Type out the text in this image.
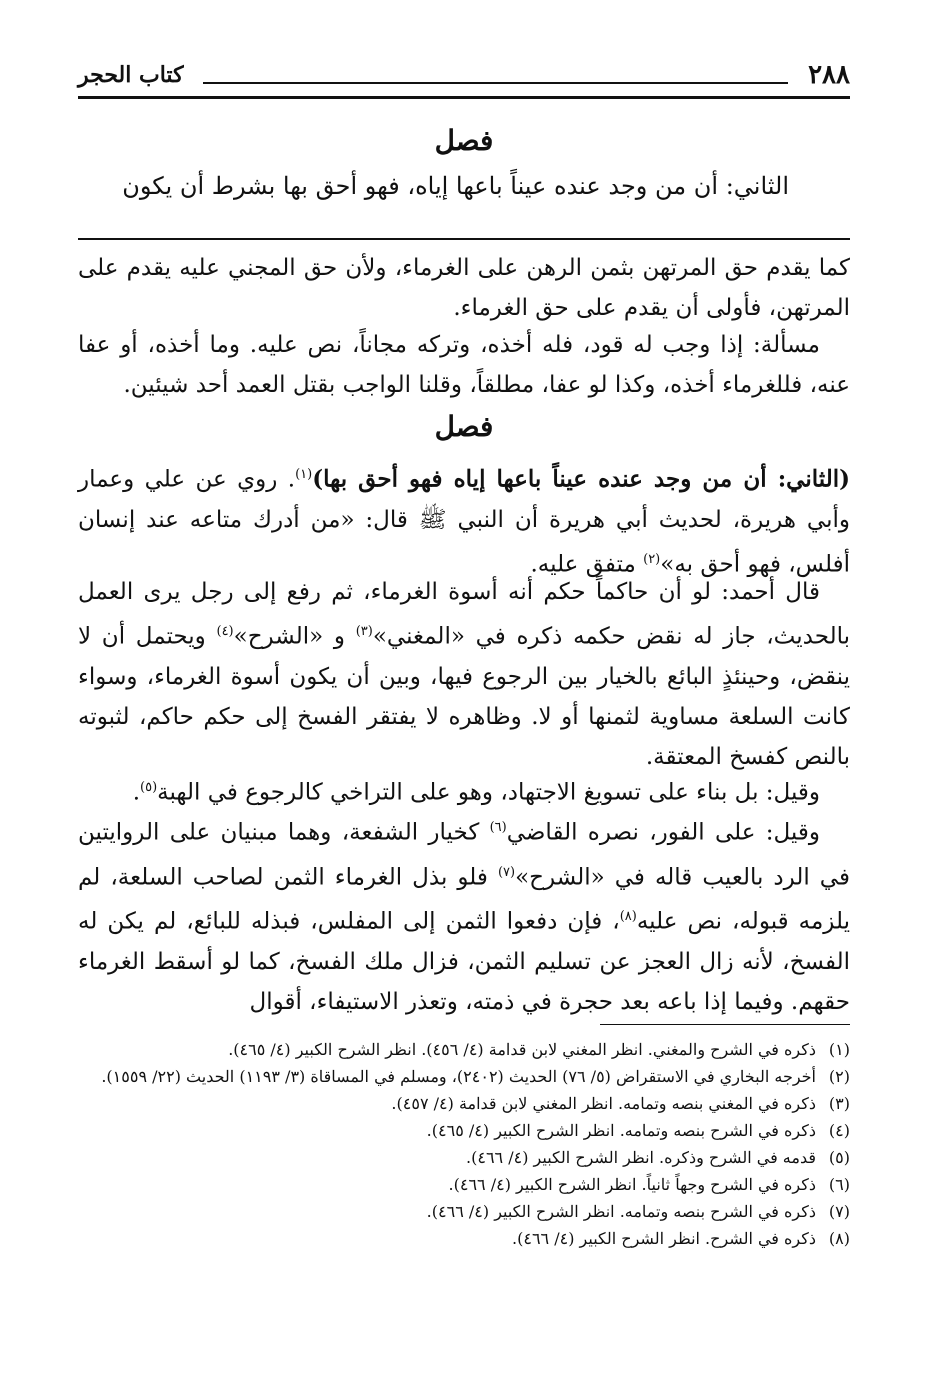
٢٨٨
كتاب الحجر
فصل
الثاني: أن من وجد عنده عيناً باعها إياه، فهو أحق بها بشرط أن يكون
كما يقدم حق المرتهن بثمن الرهن على الغرماء، ولأن حق المجني عليه يقدم على المرتهن، فأولى أن يقدم على حق الغرماء.
مسألة: إذا وجب له قود، فله أخذه، وتركه مجاناً، نص عليه. وما أخذه، أو عفا عنه، فللغرماء أخذه، وكذا لو عفا، مطلقاً، وقلنا الواجب بقتل العمد أحد شيئين.
فصل
(الثاني: أن من وجد عنده عيناً باعها إياه فهو أحق بها)$^{(١)}$. روي عن علي وعمار وأبي هريرة، لحديث أبي هريرة أن النبي ﷺ قال: «من أدرك متاعه عند إنسان أفلس، فهو أحق به»$^{(٢)}$ متفق عليه.
قال أحمد: لو أن حاكماً حكم أنه أسوة الغرماء، ثم رفع إلى رجل يرى العمل بالحديث، جاز له نقض حكمه ذكره في «المغني»$^{(٣)}$ و «الشرح»$^{(٤)}$ ويحتمل أن لا ينقض، وحينئذٍ البائع بالخيار بين الرجوع فيها، وبين أن يكون أسوة الغرماء، وسواء كانت السلعة مساوية لثمنها أو لا. وظاهره لا يفتقر الفسخ إلى حكم حاكم، لثبوته بالنص كفسخ المعتقة.
وقيل: بل بناء على تسويغ الاجتهاد، وهو على التراخي كالرجوع في الهبة$^{(٥)}$.
وقيل: على الفور، نصره القاضي$^{(٦)}$ كخيار الشفعة، وهما مبنيان على الروايتين في الرد بالعيب قاله في «الشرح»$^{(٧)}$ فلو بذل الغرماء الثمن لصاحب السلعة، لم يلزمه قبوله، نص عليه$^{(٨)}$، فإن دفعوا الثمن إلى المفلس، فبذله للبائع، لم يكن له الفسخ، لأنه زال العجز عن تسليم الثمن، فزال ملك الفسخ، كما لو أسقط الغرماء حقهم. وفيما إذا باعه بعد حجرة في ذمته، وتعذر الاستيفاء، أقوال
(١)
ذكره في الشرح والمغني. انظر المغني لابن قدامة (٤/ ٤٥٦). انظر الشرح الكبير (٤/ ٤٦٥).
(٢)
أخرجه البخاري في الاستقراض (٥/ ٧٦) الحديث (٢٤٠٢)، ومسلم في المساقاة (٣/ ١١٩٣) الحديث (٢٢/ ١٥٥٩).
(٣)
ذكره في المغني بنصه وتمامه. انظر المغني لابن قدامة (٤/ ٤٥٧).
(٤)
ذكره في الشرح بنصه وتمامه. انظر الشرح الكبير (٤/ ٤٦٥).
(٥)
قدمه في الشرح وذكره. انظر الشرح الكبير (٤/ ٤٦٦).
(٦)
ذكره في الشرح وجهاً ثانياً. انظر الشرح الكبير (٤/ ٤٦٦).
(٧)
ذكره في الشرح بنصه وتمامه. انظر الشرح الكبير (٤/ ٤٦٦).
(٨)
ذكره في الشرح. انظر الشرح الكبير (٤/ ٤٦٦).
